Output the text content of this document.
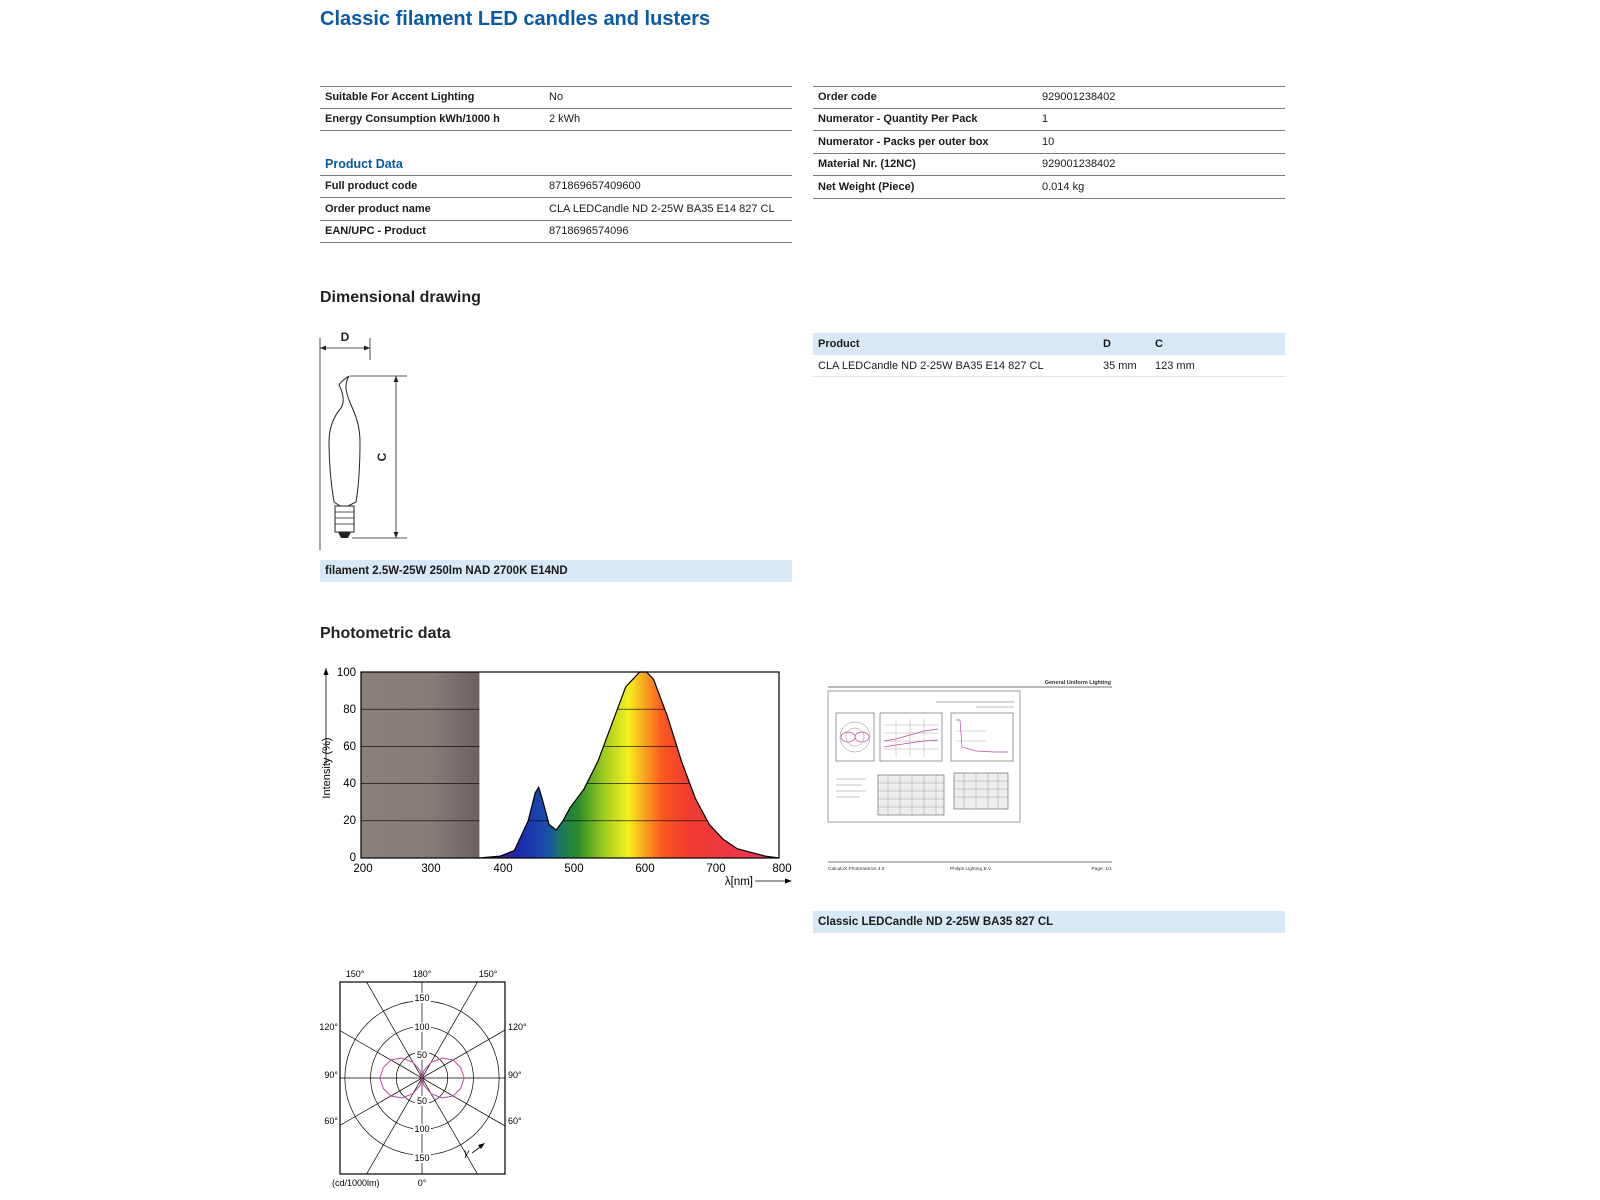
Classic filament LED candles and lusters
Suitable For Accent Lighting	No
Energy Consumption kWh/1000 h	2 kWh
Product Data
Full product code	871869657409600
Order product name	CLA LEDCandle ND 2-25W BA35 E14 827 CL
EAN/UPC - Product	8718696574096
Order code	929001238402
Numerator - Quantity Per Pack	1
Numerator - Packs per outer box	10
Material Nr. (12NC)	929001238402
Net Weight (Piece)	0.014 kg
Dimensional drawing
D
C
filament 2.5W-25W 250lm NAD 2700K E14ND
Product	D	C
CLA LEDCandle ND 2-25W BA35 E14 827 CL	35 mm	123 mm
Photometric data
Intensity (%)
100
80
60
40
20
0
200	300	400	500	600	700	800
λ[nm]
General Uniform Lighting
CalculuX Photometrics 4.5	Philips Lighting B.V.	Page: 1/1
Classic LEDCandle ND 2-25W BA35 827 CL
150°	180°	150°
120°
90°
60°
120°
90°
60°
150
100
50
50
100
150	γ
(cd/1000lm)	0°
